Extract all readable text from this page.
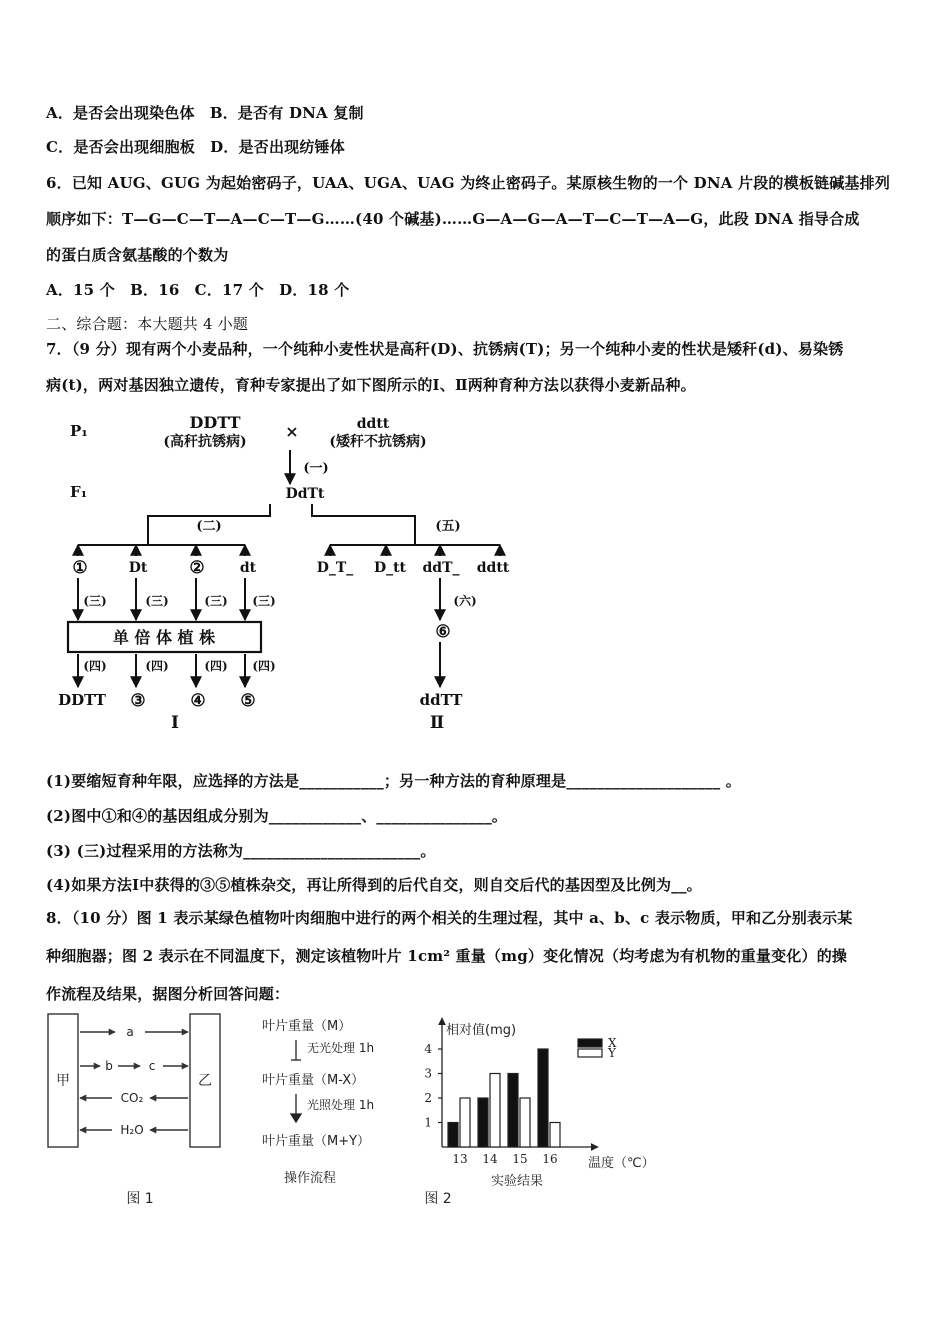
A．是否会出现染色体　B．是否有 DNA 复制
C．是否会出现细胞板　D．是否出现纺锤体
6．已知 AUG、GUG 为起始密码子，UAA、UGA、UAG 为终止密码子。某原核生物的一个 DNA 片段的模板链碱基排列
顺序如下：T—G—C—T—A—C—T—G……(40 个碱基)……G—A—G—A—T—C—T—A—G，此段 DNA 指导合成
的蛋白质含氨基酸的个数为
A．15 个　B．16　C．17 个　D．18 个
二、综合题：本大题共 4 小题
7．（9 分）现有两个小麦品种，一个纯种小麦性状是高秆(D)、抗锈病(T)；另一个纯种小麦的性状是矮秆(d)、易染锈
病(t)，两对基因独立遗传，育种专家提出了如下图所示的Ⅰ、Ⅱ两种育种方法以获得小麦新品种。
P₁	DDTT
(高秆抗锈病)
×	ddtt
(矮秆不抗锈病)
(一)
F₁	DdTt
(二)	(五)
①	Dt ②	dt	D_T_ D_tt ddT_ ddtt
(三)	(三)	(三) (三)	(六)
单 倍 体 植 株	⑥
(四)	(四)	(四) (四)
DDTT ③	④ ⑤	ddTT
Ⅰ	Ⅱ
(1)要缩短育种年限，应选择的方法是___________；另一种方法的育种原理是____________________ 。
(2)图中①和④的基因组成分别为____________、_______________。
(3) (三)过程采用的方法称为_______________________。
(4)如果方法Ⅰ中获得的③⑤植株杂交，再让所得到的后代自交，则自交后代的基因型及比例为__。
8．（10 分）图 1 表示某绿色植物叶肉细胞中进行的两个相关的生理过程，其中 a、b、c 表示物质，甲和乙分别表示某
种细胞器；图 2 表示在不同温度下，测定该植物叶片 1cm² 重量（mg）变化情况（均考虑为有机物的重量变化）的操
作流程及结果，据图分析回答问题：
甲	乙
a
b	c
CO₂
H₂O
图 1
叶片重量（M）
无光处理 1h
叶片重量（M-X）
光照处理 1h
叶片重量（M+Y）
操作流程
相对值(mg)
温度（℃）
实验结果
图 2
1
2
3
4
13 14 15 16
X
Y
